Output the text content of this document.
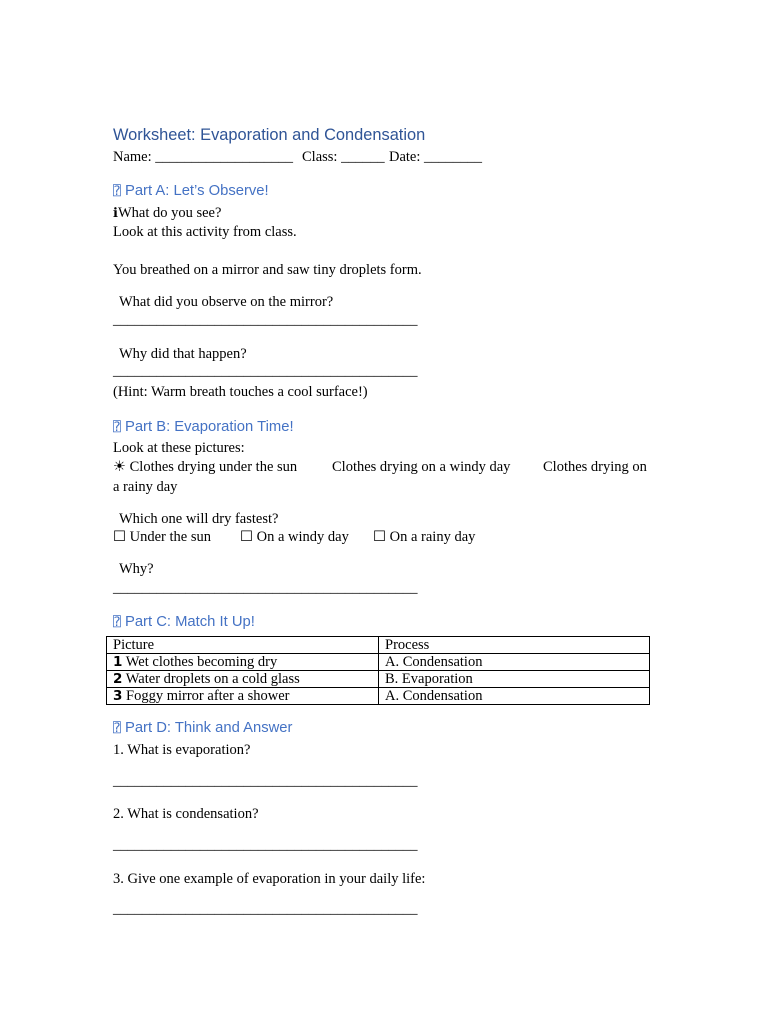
Worksheet: Evaporation and Condensation
Name: ___________________ Class: ______ Date: ________
⍰ Part A: Let’s Observe!
ℹWhat do you see?
Look at this activity from class.
You breathed on a mirror and saw tiny droplets form.
What did you observe on the mirror?
__________________________________________
Why did that happen?
__________________________________________
(Hint: Warm breath touches a cool surface!)
⍰ Part B: Evaporation Time!
Look at these pictures:
☀ Clothes drying under the sun Clothes drying on a windy day Clothes drying on a rainy day
Which one will dry fastest?
☐ Under the sun ☐ On a windy day ☐ On a rainy day
Why?
__________________________________________
⍰ Part C: Match It Up!
Picture	Process
1 Wet clothes becoming dry	A. Condensation
2 Water droplets on a cold glass	B. Evaporation
3 Foggy mirror after a shower	A. Condensation
⍰ Part D: Think and Answer
1. What is evaporation?
__________________________________________
2. What is condensation?
__________________________________________
3. Give one example of evaporation in your daily life:
__________________________________________
